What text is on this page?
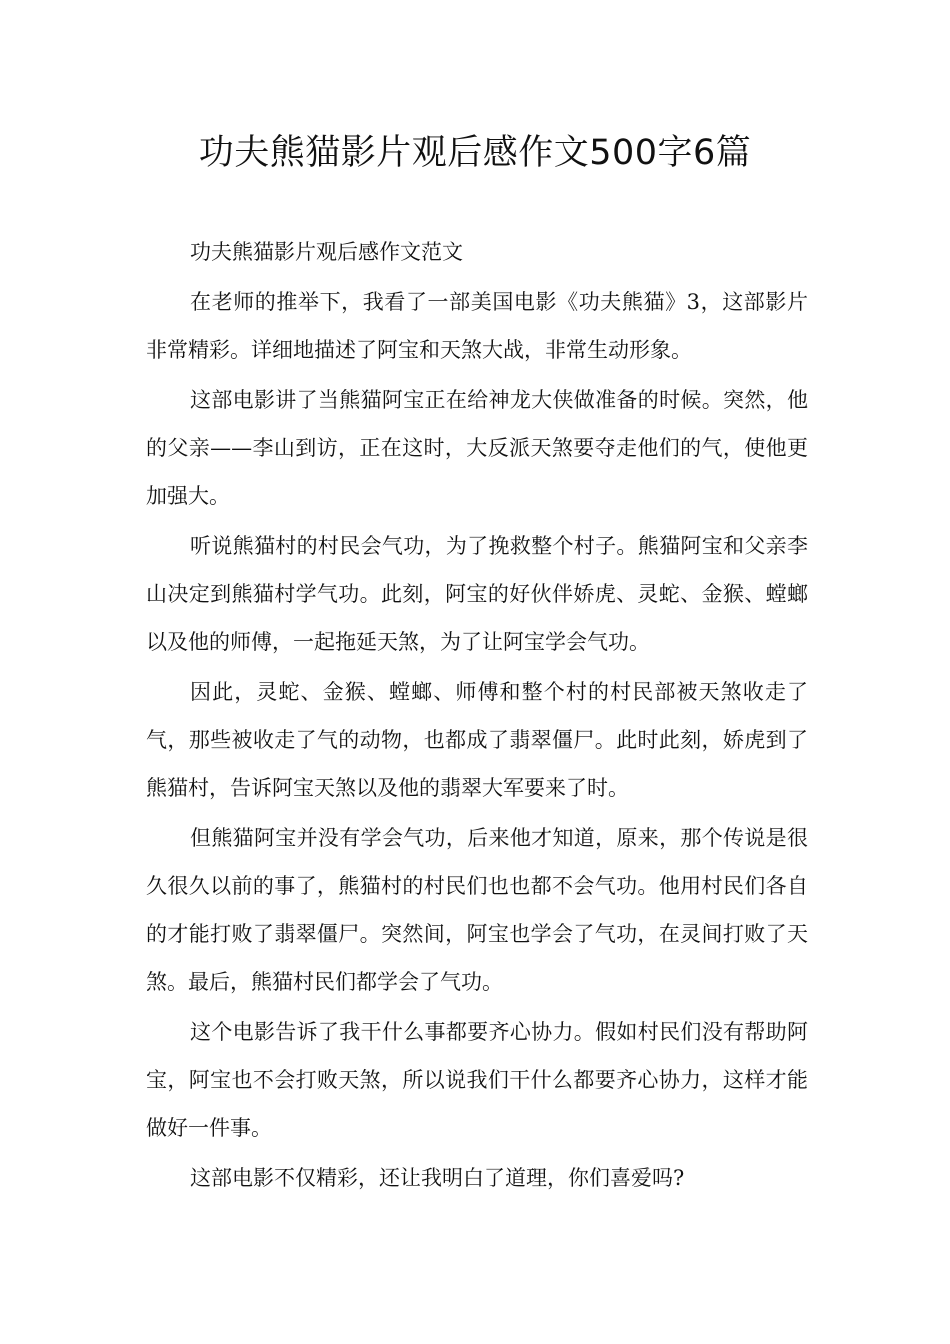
功夫熊猫影片观后感作文500字6篇

功夫熊猫影片观后感作文范文

在老师的推举下，我看了一部美国电影《功夫熊猫》3，这部影片非常精彩。详细地描述了阿宝和天煞大战，非常生动形象。

这部电影讲了当熊猫阿宝正在给神龙大侠做准备的时候。突然，他的父亲——李山到访，正在这时，大反派天煞要夺走他们的气，使他更加强大。

听说熊猫村的村民会气功，为了挽救整个村子。熊猫阿宝和父亲李山决定到熊猫村学气功。此刻，阿宝的好伙伴娇虎、灵蛇、金猴、螳螂以及他的师傅，一起拖延天煞，为了让阿宝学会气功。

因此，灵蛇、金猴、螳螂、师傅和整个村的村民部被天煞收走了气，那些被收走了气的动物，也都成了翡翠僵尸。此时此刻，娇虎到了熊猫村，告诉阿宝天煞以及他的翡翠大军要来了时。

但熊猫阿宝并没有学会气功，后来他才知道，原来，那个传说是很久很久以前的事了，熊猫村的村民们也也都不会气功。他用村民们各自的才能打败了翡翠僵尸。突然间，阿宝也学会了气功，在灵间打败了天煞。最后，熊猫村民们都学会了气功。

这个电影告诉了我干什么事都要齐心协力。假如村民们没有帮助阿宝，阿宝也不会打败天煞，所以说我们干什么都要齐心协力，这样才能做好一件事。

这部电影不仅精彩，还让我明白了道理，你们喜爱吗?
